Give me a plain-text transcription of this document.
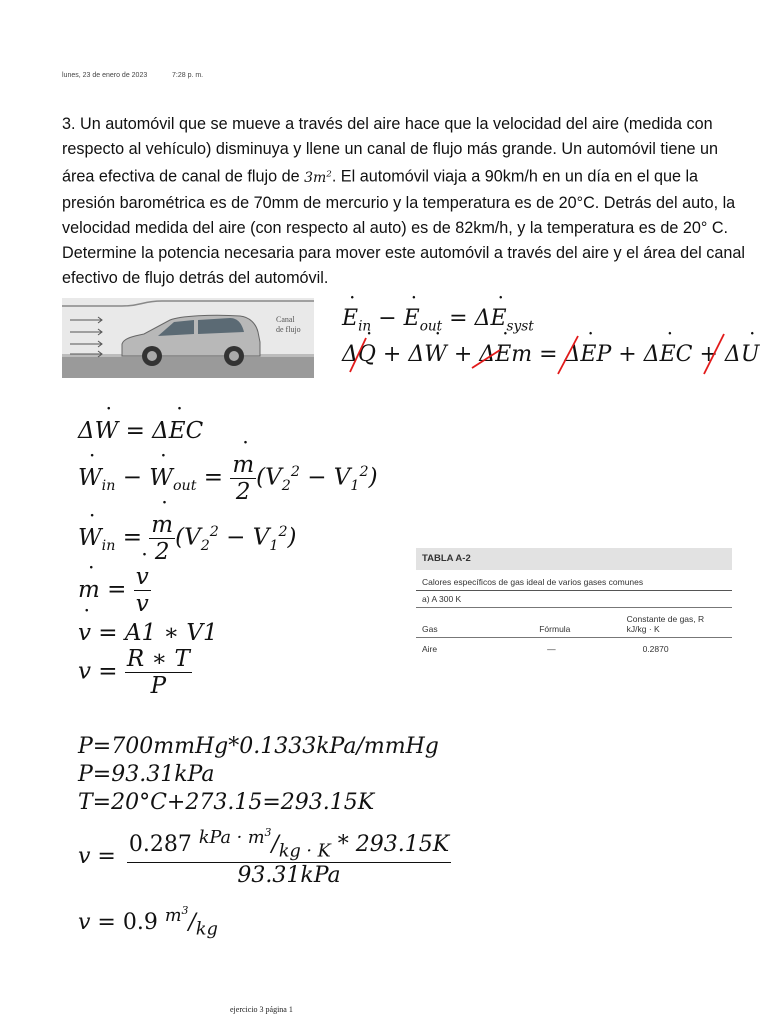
lunes, 23 de enero de 2023	7:28 p. m.
3. Un automóvil que se mueve a través del aire hace que la velocidad del aire (medida con respecto al vehículo) disminuya y llene un canal de flujo más grande. Un automóvil tiene un área efectiva de canal de flujo de $3m^2$. El automóvil viaja a 90km/h en un día en el que la presión barométrica es de 70mm de mercurio y la temperatura es de 20°C. Detrás del auto, la velocidad medida del aire (con respecto al auto) es de 82km/h, y la temperatura es de 20° C. Determine la potencia necesaria para mover este automóvil a través del aire y el área del canal efectivo de flujo detrás del automóvil.
Canal
de flujo E $˙_{in} - E$ $˙_{out} = \Delta E$ $˙_{syst}$
ΔQ ˙ + ΔW ˙ + ΔE ˙m = ΔE ˙P + ΔE ˙C + ΔU ˙
ΔW ˙ = ΔE ˙C
W $˙_{in} - W$ $˙_{out} = \frac{m ˙}{2} (V_2^2 - V_1^2)$
W $˙_{in} = \frac{m ˙}{2} (V_2^2 - V_1^2)$
m ˙ = $\frac{v ˙}{v}$
v ˙ = A1 ∗ V1
$v = \frac{R ∗ T}{P}$
TABLA A-2
Calores específicos de gas ideal de varios gases comunes
a) A 300 K
Gas	Fórmula
Constante de gas, R
kJ/kg · K
Aire	—	0.2870
P=700mmHg*0.1333kPa/mmHg
P=93.31kPa
T=20°C+273.15=293.15K
$v = \frac{0.287 ^{kPa \cdot m^3}/_{kg \cdot K} * 293.15K}{\text{93.31kPa}}$
v = 0.9 $^{m^3}/_{kg}$
ejercicio 3 página 1
